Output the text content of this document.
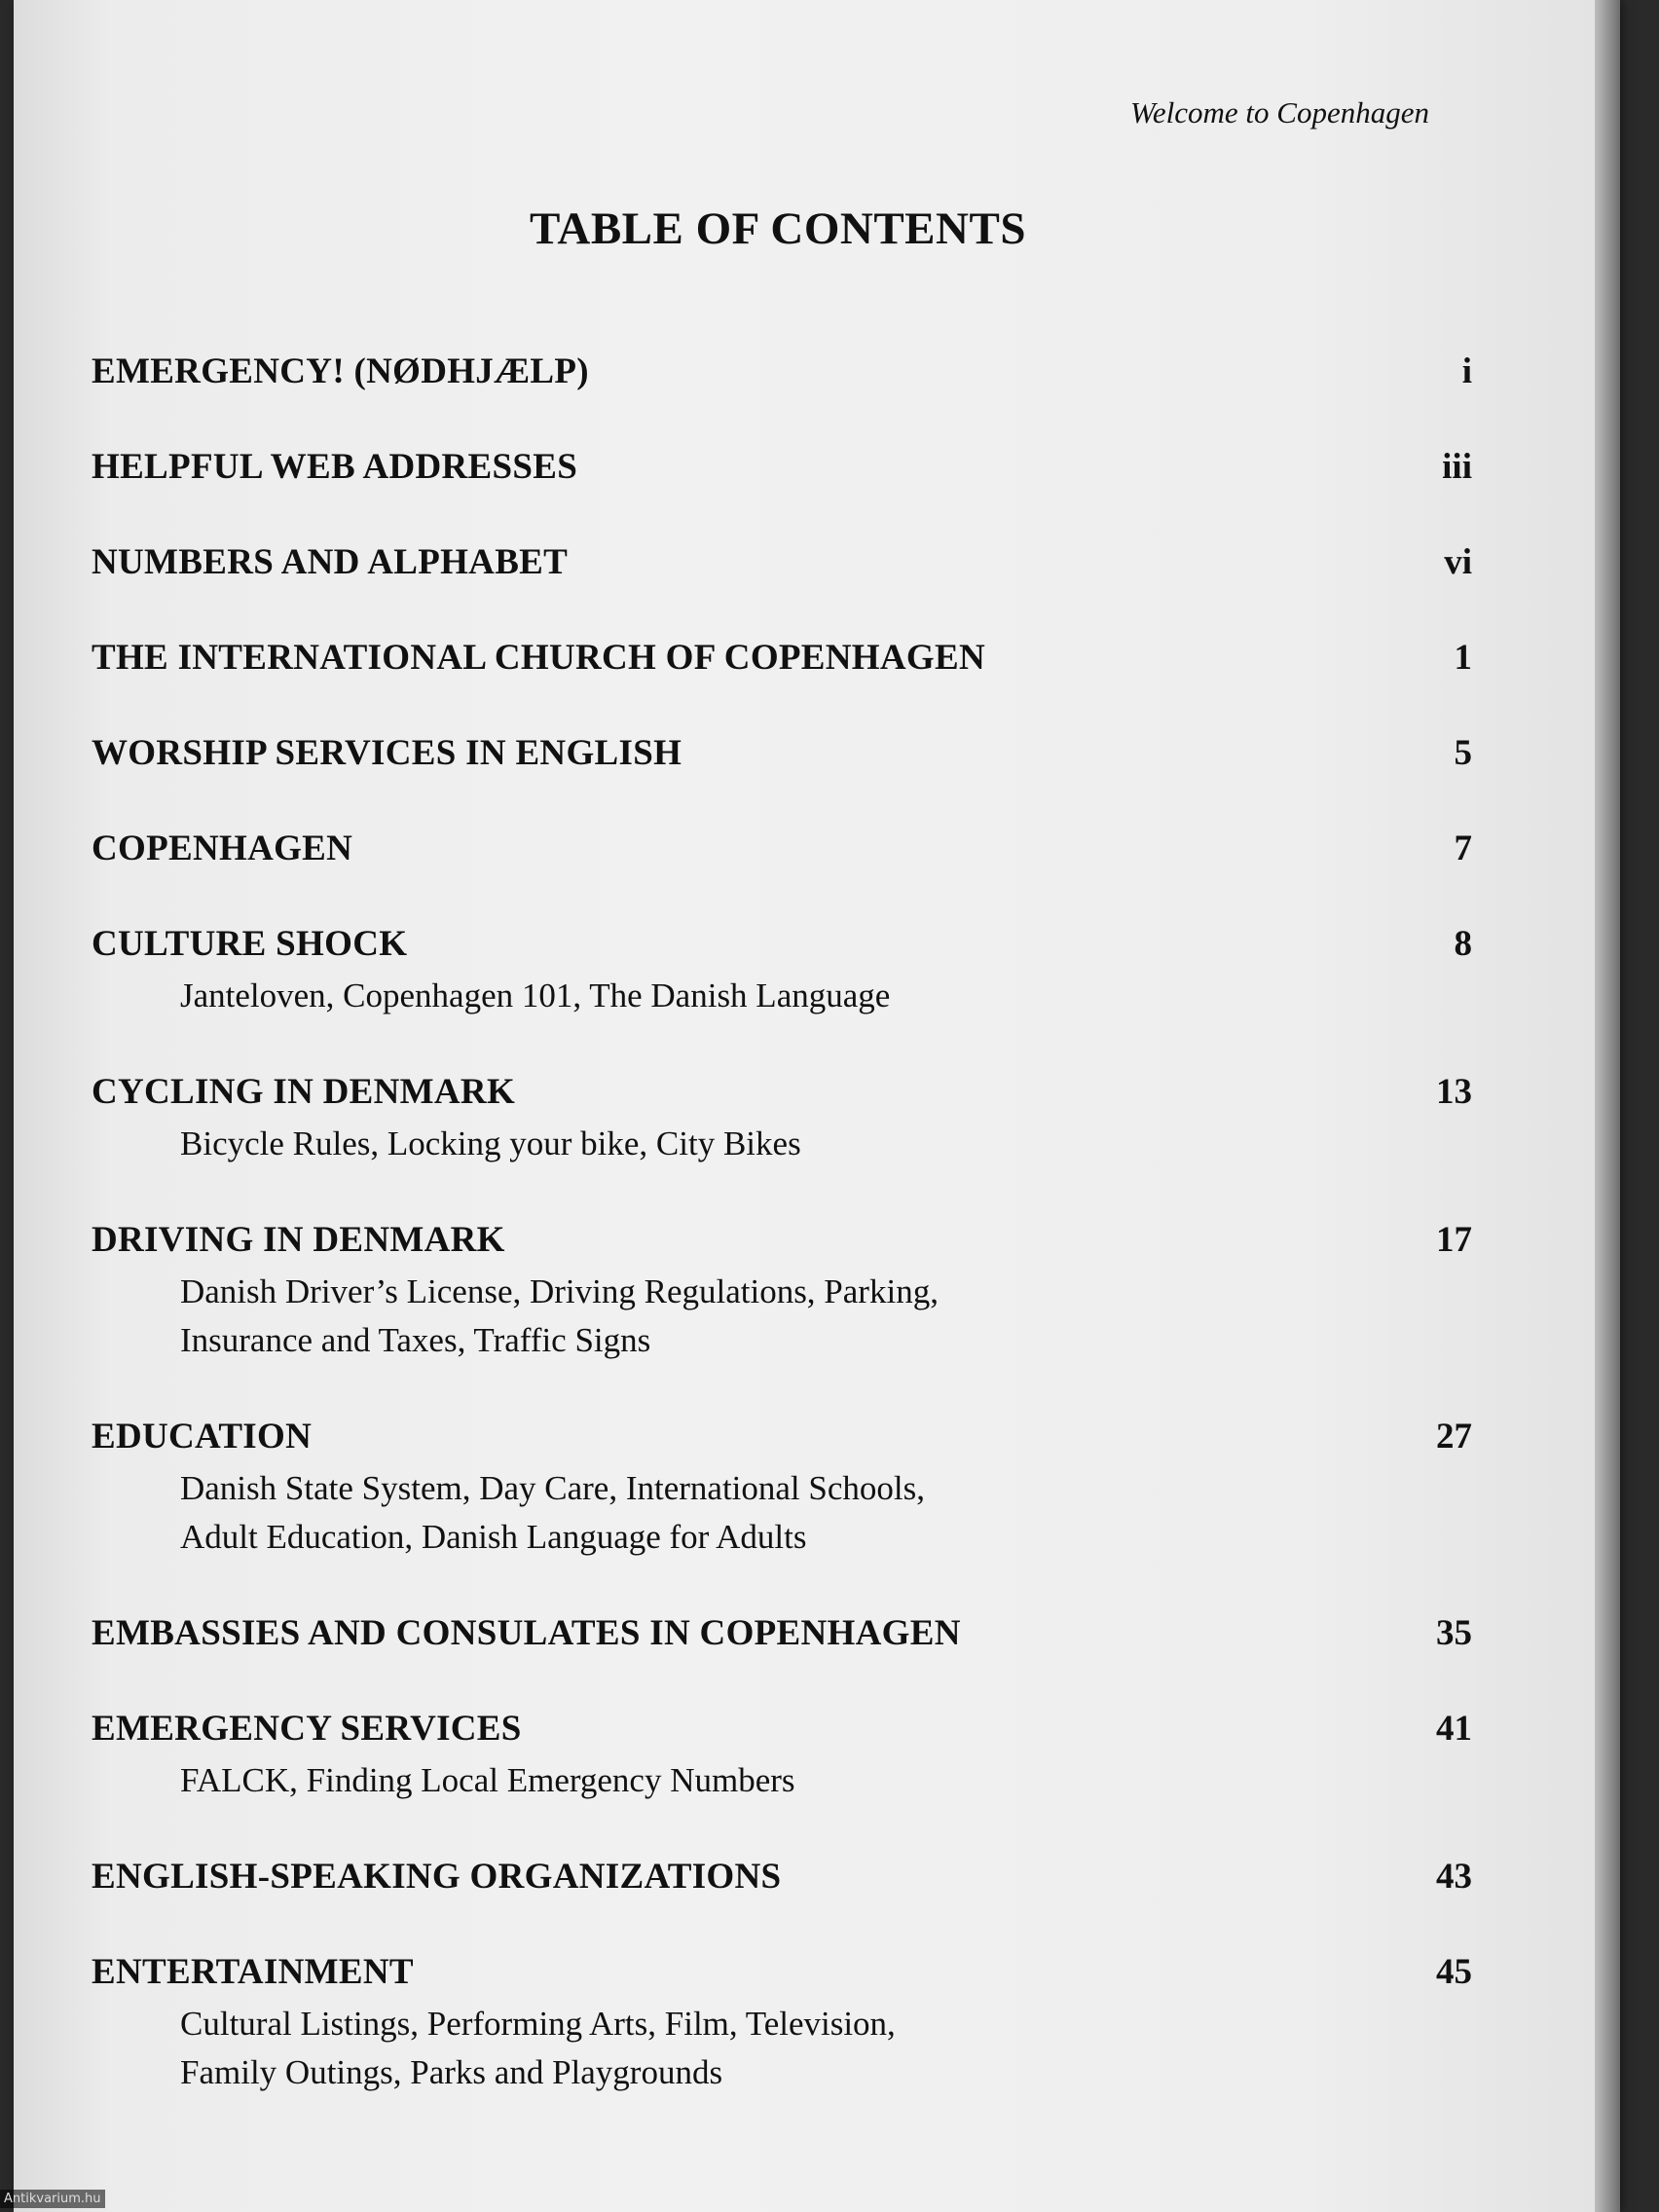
Welcome to Copenhagen
TABLE OF CONTENTS
EMERGENCY! (NØDHJÆLP)	i
HELPFUL WEB ADDRESSES	iii
NUMBERS AND ALPHABET	vi
THE INTERNATIONAL CHURCH OF COPENHAGEN	1
WORSHIP SERVICES IN ENGLISH	5
COPENHAGEN	7
CULTURE SHOCK	8
Janteloven, Copenhagen 101, The Danish Language
CYCLING IN DENMARK	13
Bicycle Rules, Locking your bike, City Bikes
DRIVING IN DENMARK	17
Danish Driver’s License, Driving Regulations, Parking,
Insurance and Taxes, Traffic Signs
EDUCATION	27
Danish State System, Day Care, International Schools,
Adult Education, Danish Language for Adults
EMBASSIES AND CONSULATES IN COPENHAGEN	35
EMERGENCY SERVICES	41
FALCK, Finding Local Emergency Numbers
ENGLISH-SPEAKING ORGANIZATIONS	43
ENTERTAINMENT	45
Cultural Listings, Performing Arts, Film, Television,
Family Outings, Parks and Playgrounds
Antikvarium.hu
